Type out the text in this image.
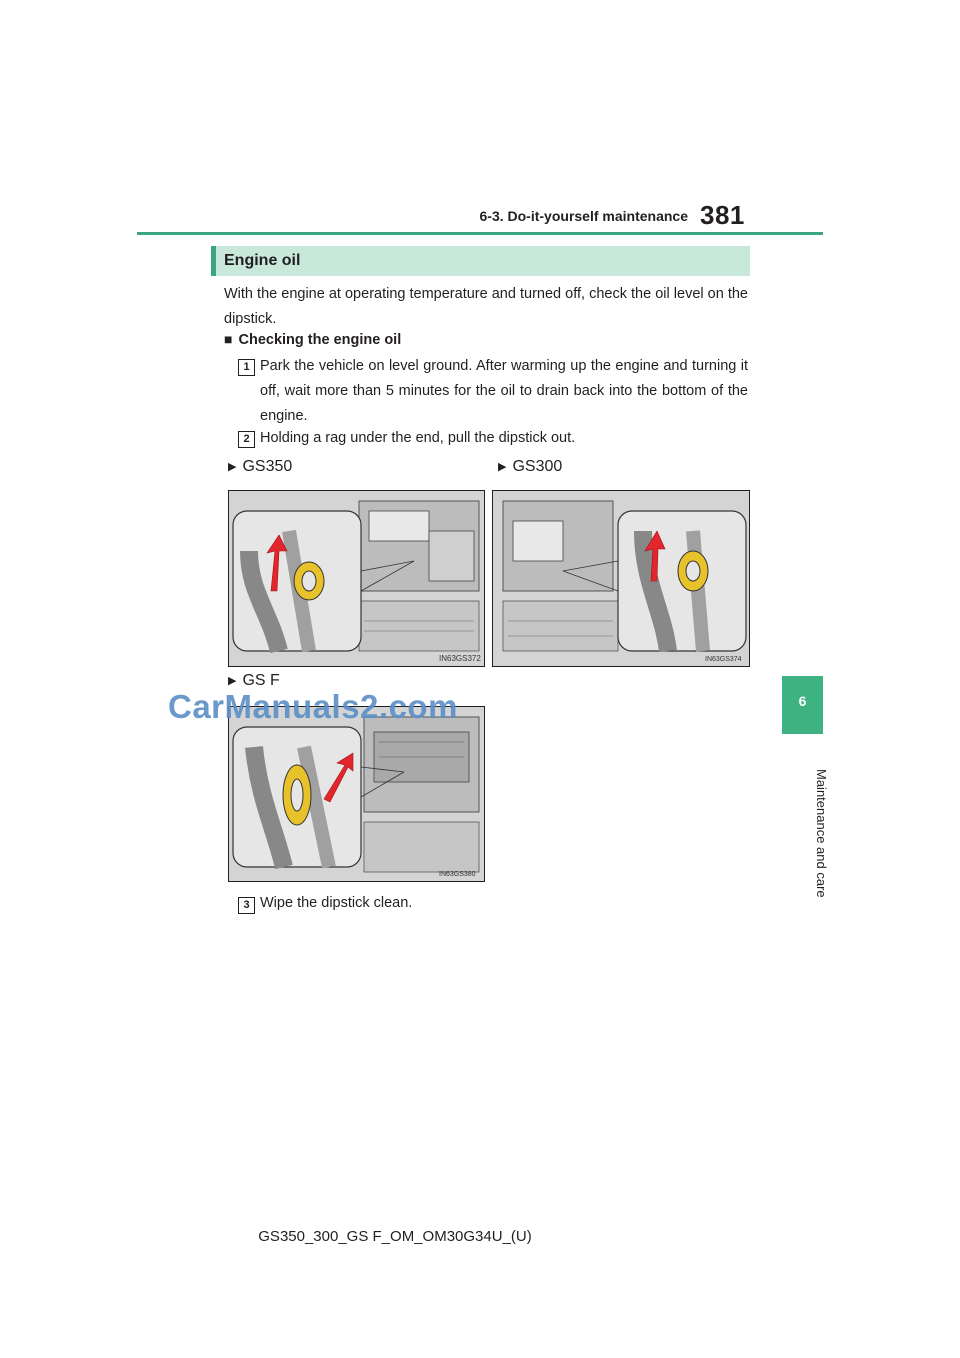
6-3. Do-it-yourself maintenance 381
6
Maintenance and care
Engine oil
With the engine at operating temperature and turned off, check the oil level on the dipstick.
■ Checking the engine oil
1 Park the vehicle on level ground. After warming up the engine and turning it off, wait more than 5 minutes for the oil to drain back into the bottom of the engine.
2 Holding a rag under the end, pull the dipstick out.
▶ GS350	▶ GS300
IN63GS372	IN63GS374
▶ GS F
IN63GS380
CarManuals2.com
3 Wipe the dipstick clean.
GS350_300_GS F_OM_OM30G34U_(U)
